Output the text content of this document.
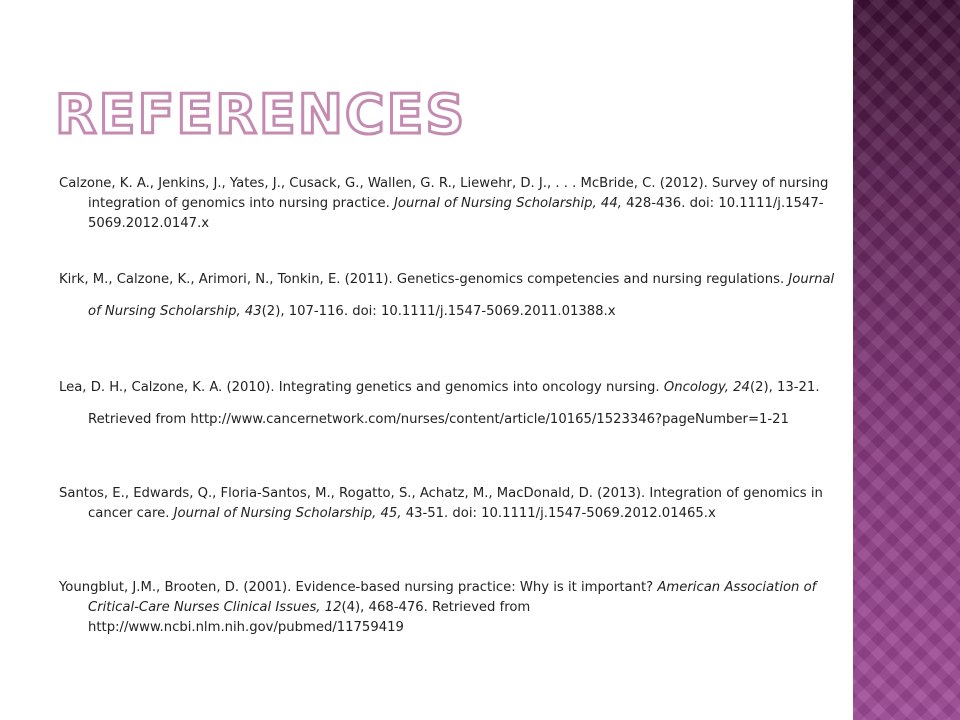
REFERENCES

Calzone, K. A., Jenkins, J., Yates, J., Cusack, G., Wallen, G. R., Liewehr, D. J., . . . McBride, C. (2012). Survey of nursing integration of genomics into nursing practice. Journal of Nursing Scholarship, 44, 428-436. doi: 10.1111/j.1547-5069.2012.0147.x

Kirk, M., Calzone, K., Arimori, N., Tonkin, E. (2011). Genetics-genomics competencies and nursing regulations. Journal of Nursing Scholarship, 43(2), 107-116. doi: 10.1111/j.1547-5069.2011.01388.x

Lea, D. H., Calzone, K. A. (2010). Integrating genetics and genomics into oncology nursing. Oncology, 24(2), 13-21. Retrieved from http://www.cancernetwork.com/nurses/content/article/10165/1523346?pageNumber=1-21

Santos, E., Edwards, Q., Floria-Santos, M., Rogatto, S., Achatz, M., MacDonald, D. (2013). Integration of genomics in cancer care. Journal of Nursing Scholarship, 45, 43-51. doi: 10.1111/j.1547-5069.2012.01465.x

Youngblut, J.M., Brooten, D. (2001). Evidence-based nursing practice: Why is it important? American Association of Critical-Care Nurses Clinical Issues, 12(4), 468-476. Retrieved from http://www.ncbi.nlm.nih.gov/pubmed/11759419
